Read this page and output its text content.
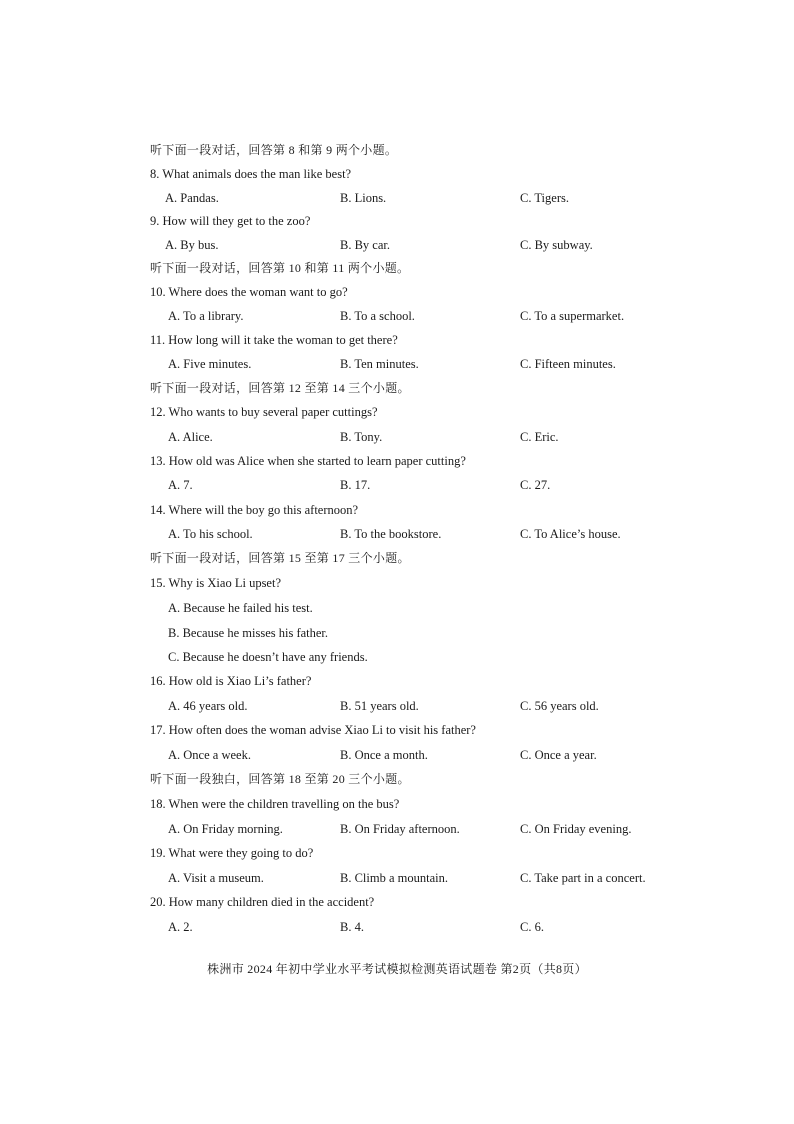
听下面一段对话，回答第 8 和第 9 两个小题。
8. What animals does the man like best?
A. Pandas.	B. Lions.	C. Tigers.
9. How will they get to the zoo?
A. By bus.	B. By car.	C. By subway.
听下面一段对话，回答第 10 和第 11 两个小题。
10. Where does the woman want to go?
A. To a library.	B. To a school.	C. To a supermarket.
11. How long will it take the woman to get there?
A. Five minutes.	B. Ten minutes.	C. Fifteen minutes.
听下面一段对话，回答第 12 至第 14 三个小题。
12. Who wants to buy several paper cuttings?
A. Alice.	B. Tony.	C. Eric.
13. How old was Alice when she started to learn paper cutting?
A. 7.	B. 17.	C. 27.
14. Where will the boy go this afternoon?
A. To his school.	B. To the bookstore.	C. To Alice’s house.
听下面一段对话，回答第 15 至第 17 三个小题。
15. Why is Xiao Li upset?
A. Because he failed his test.
B. Because he misses his father.
C. Because he doesn’t have any friends.
16. How old is Xiao Li’s father?
A. 46 years old.	B. 51 years old.	C. 56 years old.
17. How often does the woman advise Xiao Li to visit his father?
A. Once a week.	B. Once a month.	C. Once a year.
听下面一段独白，回答第 18 至第 20 三个小题。
18. When were the children travelling on the bus?
A. On Friday morning.	B. On Friday afternoon.	C. On Friday evening.
19. What were they going to do?
A. Visit a museum.	B. Climb a mountain.	C. Take part in a concert.
20. How many children died in the accident?
A. 2.	B. 4.	C. 6.
株洲市 2024 年初中学业水平考试模拟检测英语试题卷 第2页（共8页）
